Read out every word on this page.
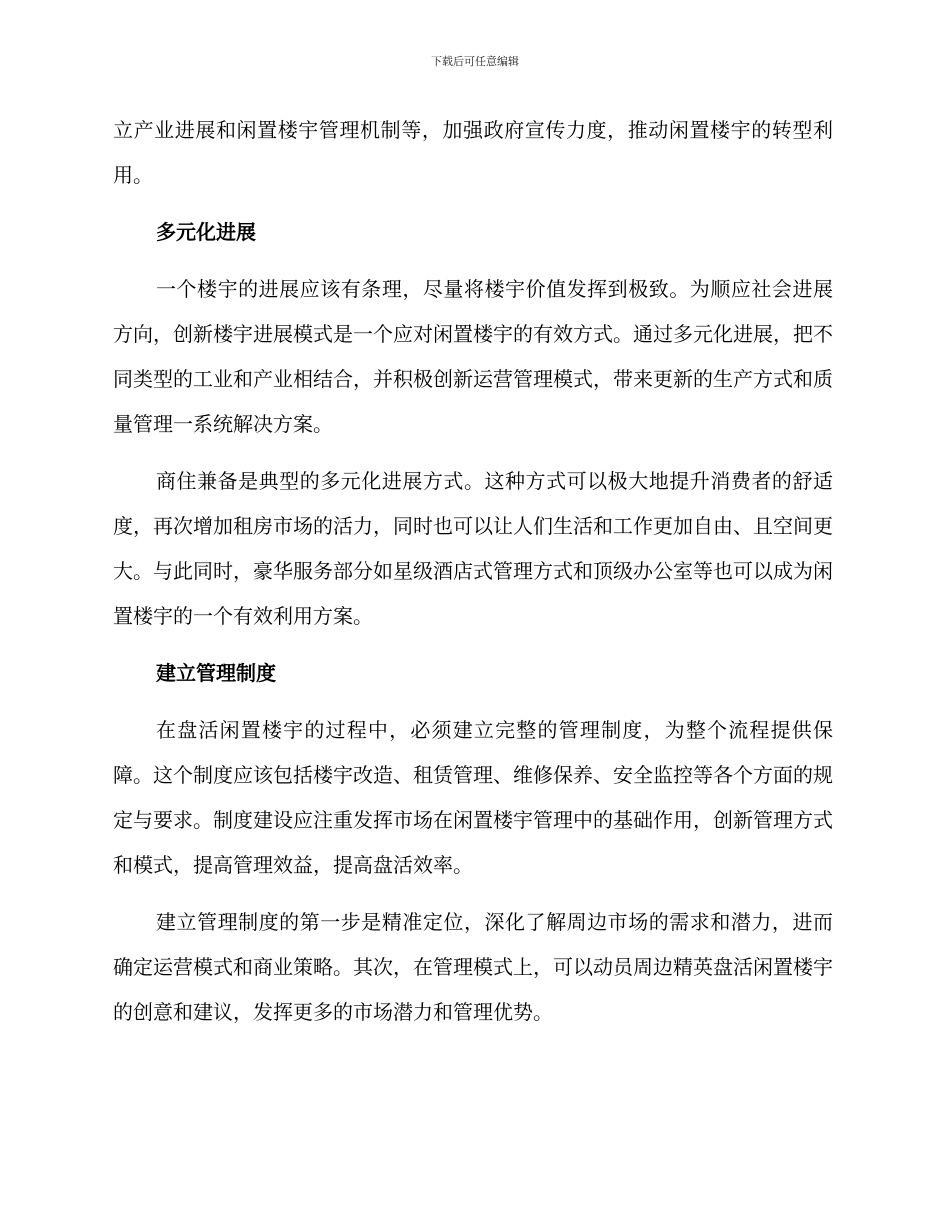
下载后可任意编辑

立产业进展和闲置楼宇管理机制等，加强政府宣传力度，推动闲置楼宇的转型利用。

多元化进展

一个楼宇的进展应该有条理，尽量将楼宇价值发挥到极致。为顺应社会进展方向，创新楼宇进展模式是一个应对闲置楼宇的有效方式。通过多元化进展，把不同类型的工业和产业相结合，并积极创新运营管理模式，带来更新的生产方式和质量管理一系统解决方案。

商住兼备是典型的多元化进展方式。这种方式可以极大地提升消费者的舒适度，再次增加租房市场的活力，同时也可以让人们生活和工作更加自由、且空间更大。与此同时，豪华服务部分如星级酒店式管理方式和顶级办公室等也可以成为闲置楼宇的一个有效利用方案。

建立管理制度

在盘活闲置楼宇的过程中，必须建立完整的管理制度，为整个流程提供保障。这个制度应该包括楼宇改造、租赁管理、维修保养、安全监控等各个方面的规定与要求。制度建设应注重发挥市场在闲置楼宇管理中的基础作用，创新管理方式和模式，提高管理效益，提高盘活效率。

建立管理制度的第一步是精准定位，深化了解周边市场的需求和潜力，进而确定运营模式和商业策略。其次，在管理模式上，可以动员周边精英盘活闲置楼宇的创意和建议，发挥更多的市场潜力和管理优势。
